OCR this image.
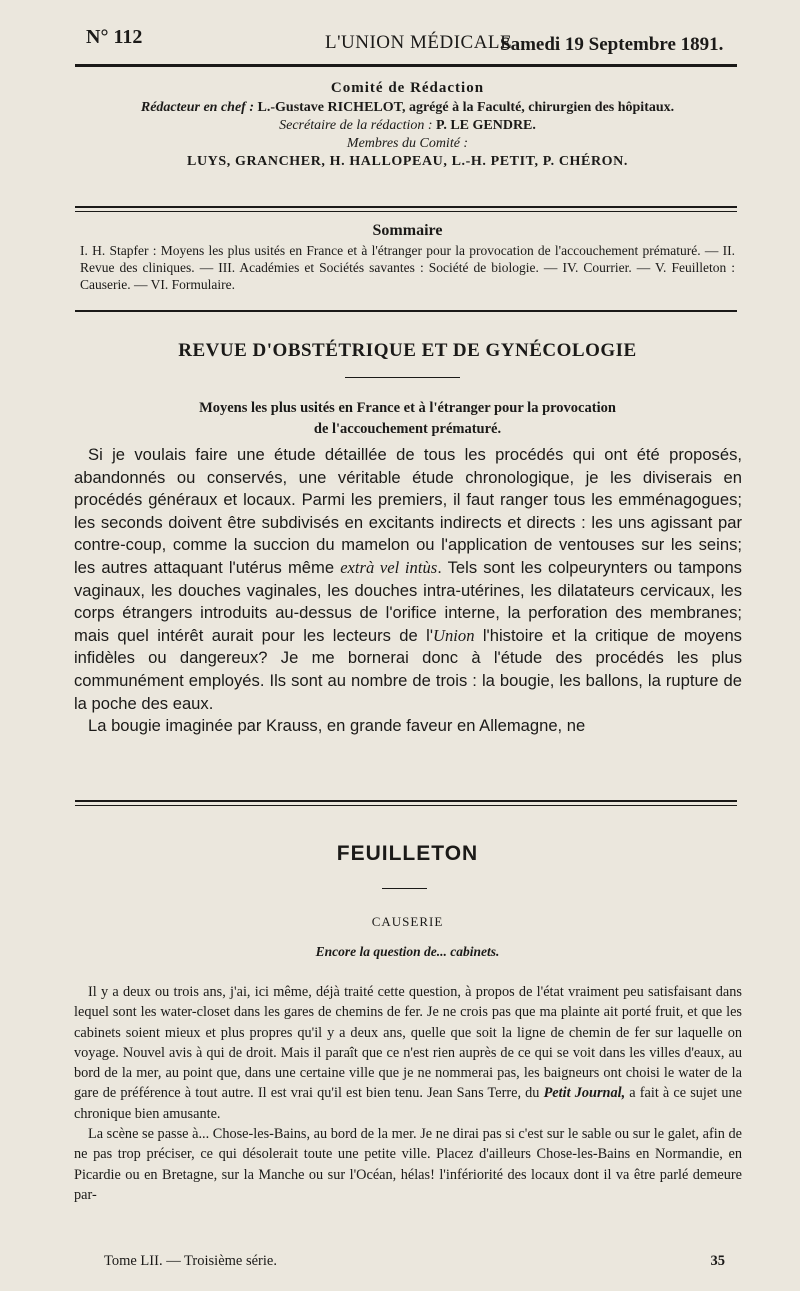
N° 112	L'UNION MÉDICALE
Samedi 19 Septembre 1891.
Comité de Rédaction
Rédacteur en chef : L.-Gustave RICHELOT, agrégé à la Faculté, chirurgien des hôpitaux.
Secrétaire de la rédaction : P. LE GENDRE.
Membres du Comité :
LUYS, GRANCHER, H. HALLOPEAU, L.-H. PETIT, P. CHÉRON.
Sommaire
I. H. Stapfer : Moyens les plus usités en France et à l'étranger pour la provocation de l'accouchement prématuré. — II. Revue des cliniques. — III. Académies et Sociétés savantes : Société de biologie. — IV. Courrier. — V. Feuilleton : Causerie. — VI. Formulaire.
REVUE D'OBSTÉTRIQUE ET DE GYNÉCOLOGIE
Moyens les plus usités en France et à l'étranger pour la provocation
de l'accouchement prématuré.

Si je voulais faire une étude détaillée de tous les procédés qui ont été proposés, abandonnés ou conservés, une véritable étude chronologique, je les diviserais en procédés généraux et locaux. Parmi les premiers, il faut ranger tous les emménagogues; les seconds doivent être subdivisés en excitants indirects et directs : les uns agissant par contre-coup, comme la succion du mamelon ou l'application de ventouses sur les seins; les autres attaquant l'utérus même extrà vel intùs. Tels sont les colpeurynters ou tampons vaginaux, les douches vaginales, les douches intra-utérines, les dilatateurs cervicaux, les corps étrangers introduits au-dessus de l'orifice interne, la perforation des membranes; mais quel intérêt aurait pour les lecteurs de l'Union l'histoire et la critique de moyens infidèles ou dangereux? Je me bornerai donc à l'étude des procédés les plus communément employés. Ils sont au nombre de trois : la bougie, les ballons, la rupture de la poche des eaux.

La bougie imaginée par Krauss, en grande faveur en Allemagne, ne

FEUILLETON
CAUSERIE
Encore la question de... cabinets.

Il y a deux ou trois ans, j'ai, ici même, déjà traité cette question, à propos de l'état vraiment peu satisfaisant dans lequel sont les water-closet dans les gares de chemins de fer. Je ne crois pas que ma plainte ait porté fruit, et que les cabinets soient mieux et plus propres qu'il y a deux ans, quelle que soit la ligne de chemin de fer sur laquelle on voyage. Nouvel avis à qui de droit. Mais il paraît que ce n'est rien auprès de ce qui se voit dans les villes d'eaux, au bord de la mer, au point que, dans une certaine ville que je ne nommerai pas, les baigneurs ont choisi le water de la gare de préférence à tout autre. Il est vrai qu'il est bien tenu. Jean Sans Terre, du Petit Journal, a fait à ce sujet une chronique bien amusante.

La scène se passe à... Chose-les-Bains, au bord de la mer. Je ne dirai pas si c'est sur le sable ou sur le galet, afin de ne pas trop préciser, ce qui désolerait toute une petite ville. Placez d'ailleurs Chose-les-Bains en Normandie, en Picardie ou en Bretagne, sur la Manche ou sur l'Océan, hélas! l'infériorité des locaux dont il va être parlé demeure par-

Tome LII. — Troisième série.	35
